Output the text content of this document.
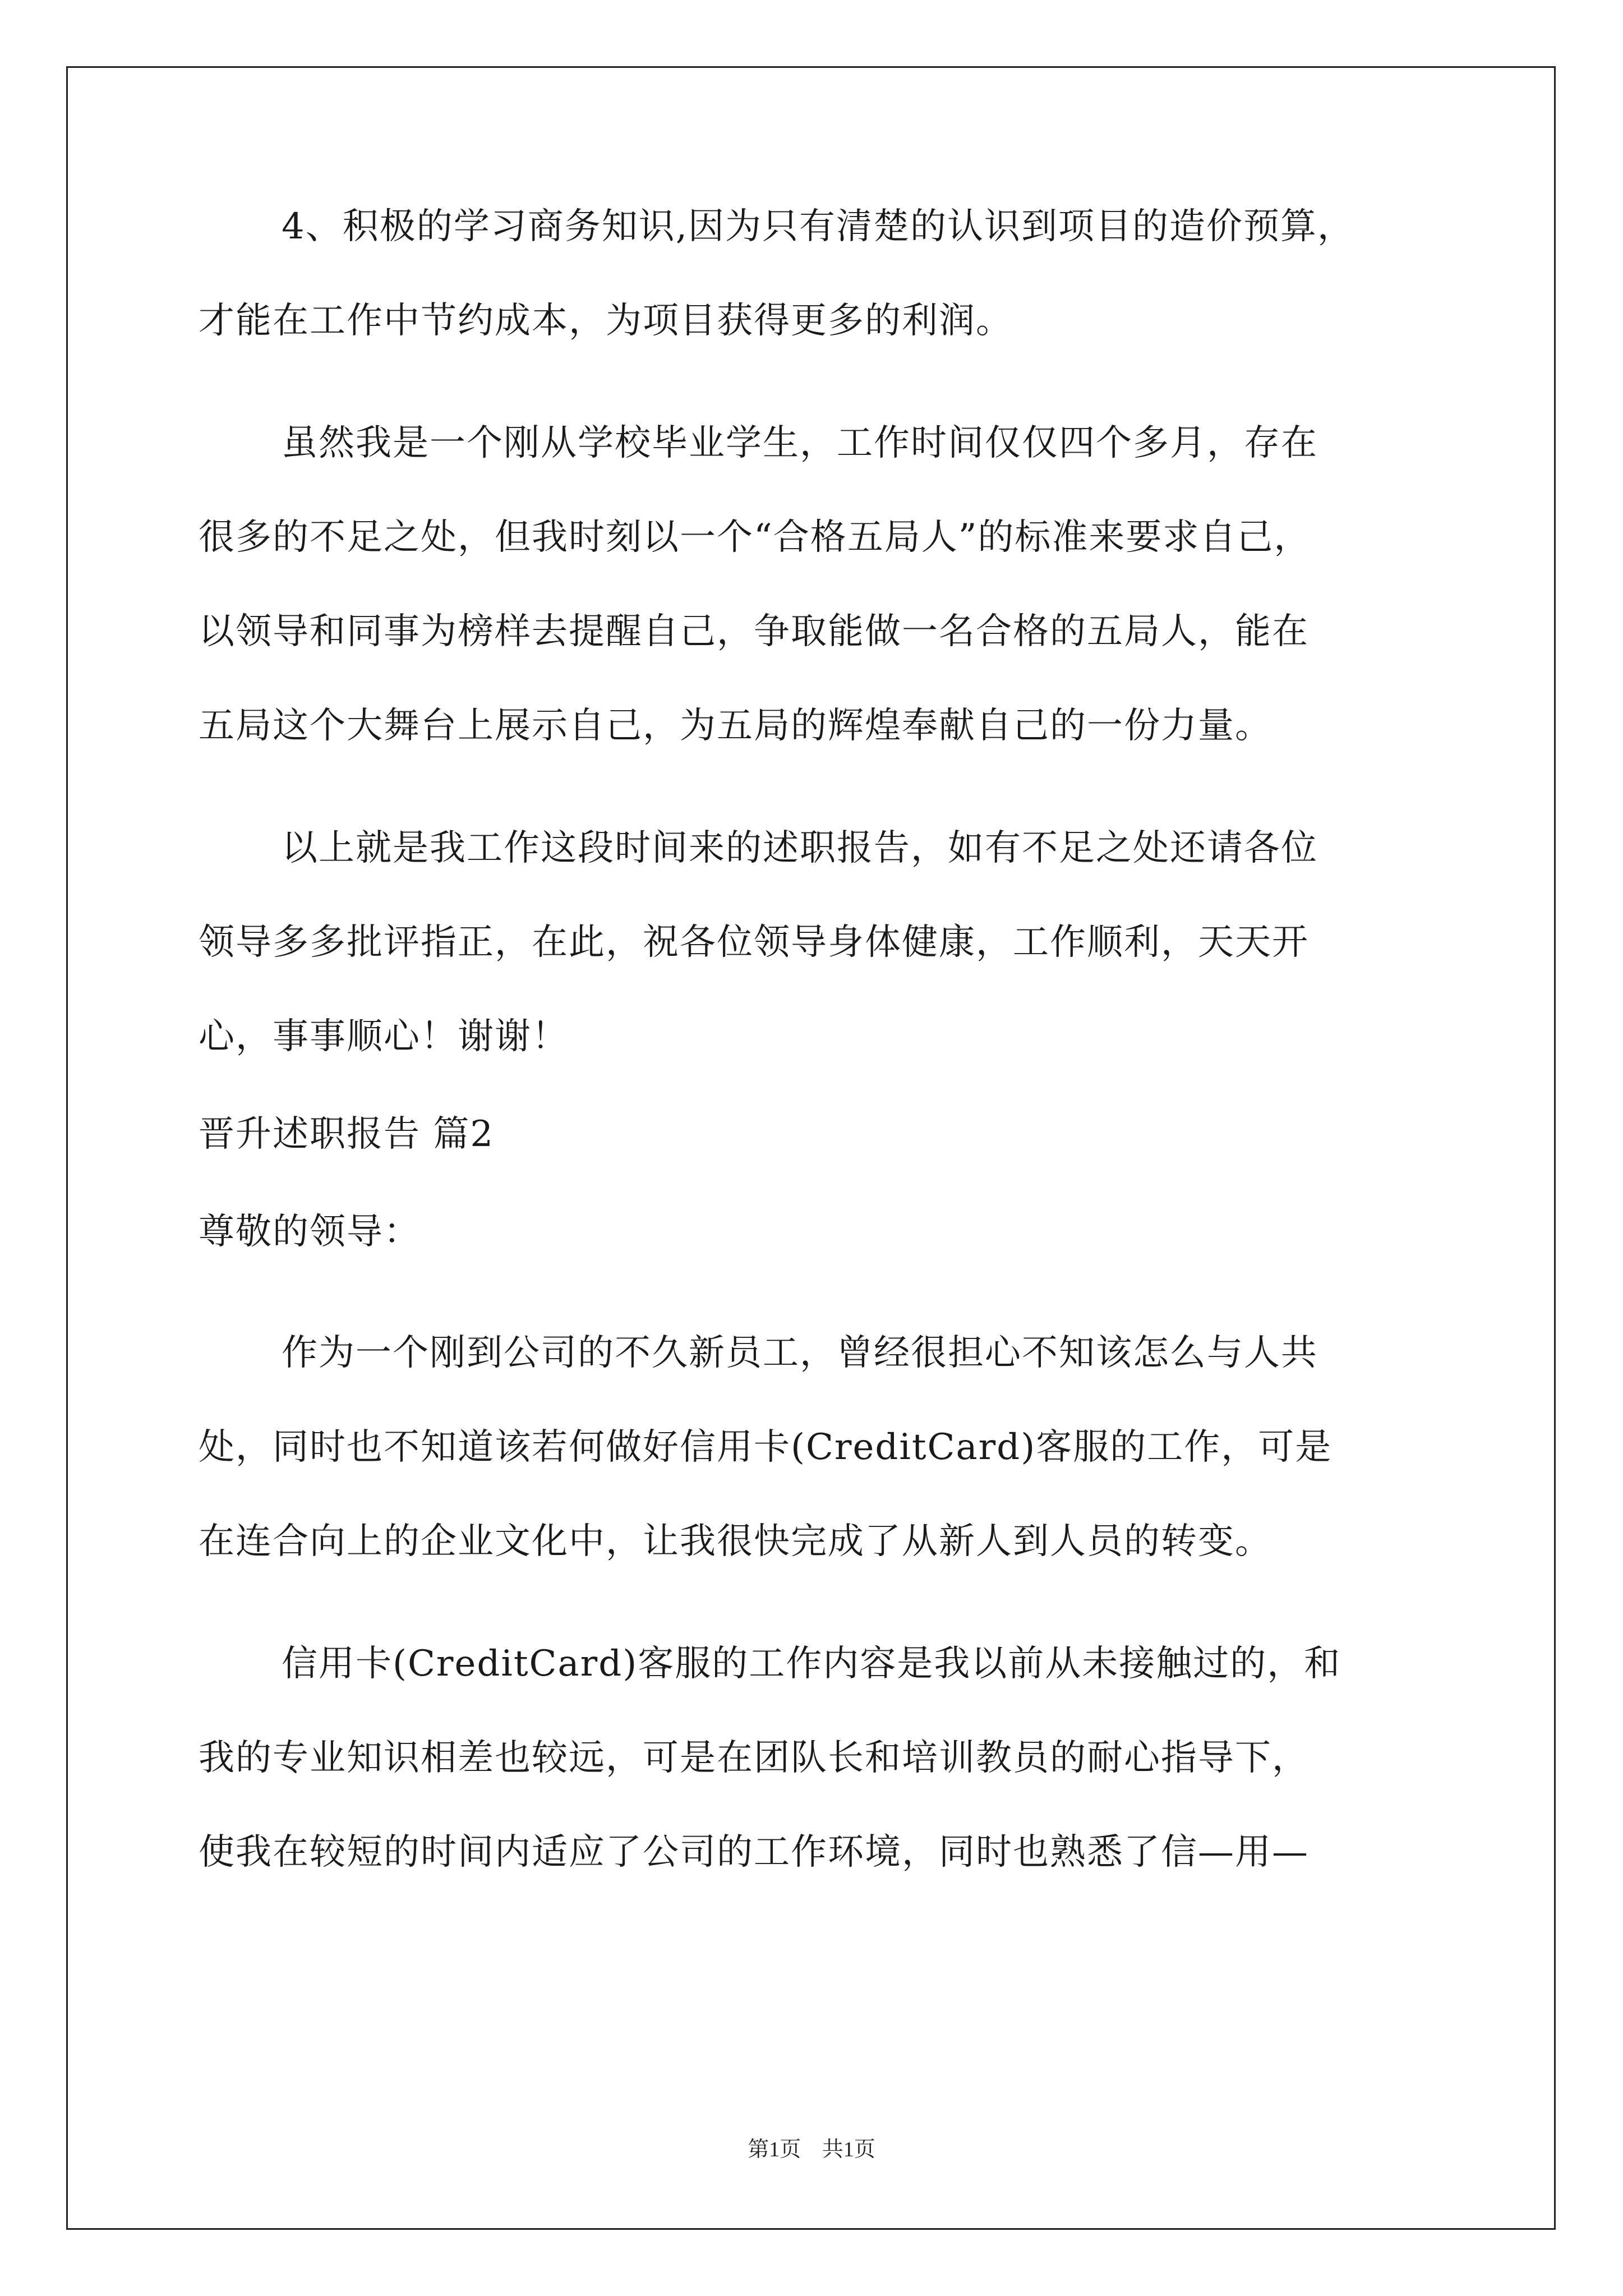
4、积极的学习商务知识,因为只有清楚的认识到项目的造价预算，

才能在工作中节约成本，为项目获得更多的利润。

虽然我是一个刚从学校毕业学生，工作时间仅仅四个多月，存在

很多的不足之处，但我时刻以一个“合格五局人”的标准来要求自己，

以领导和同事为榜样去提醒自己，争取能做一名合格的五局人，能在

五局这个大舞台上展示自己，为五局的辉煌奉献自己的一份力量。

以上就是我工作这段时间来的述职报告，如有不足之处还请各位

领导多多批评指正，在此，祝各位领导身体健康，工作顺利，天天开

心，事事顺心！谢谢！

晋升述职报告 篇2

尊敬的领导：

作为一个刚到公司的不久新员工，曾经很担心不知该怎么与人共

处，同时也不知道该若何做好信用卡(CreditCard)客服的工作，可是

在连合向上的企业文化中，让我很快完成了从新人到人员的转变。

信用卡(CreditCard)客服的工作内容是我以前从未接触过的，和

我的专业知识相差也较远，可是在团队长和培训教员的耐心指导下，

使我在较短的时间内适应了公司的工作环境，同时也熟悉了信—用—

第1页 共1页
